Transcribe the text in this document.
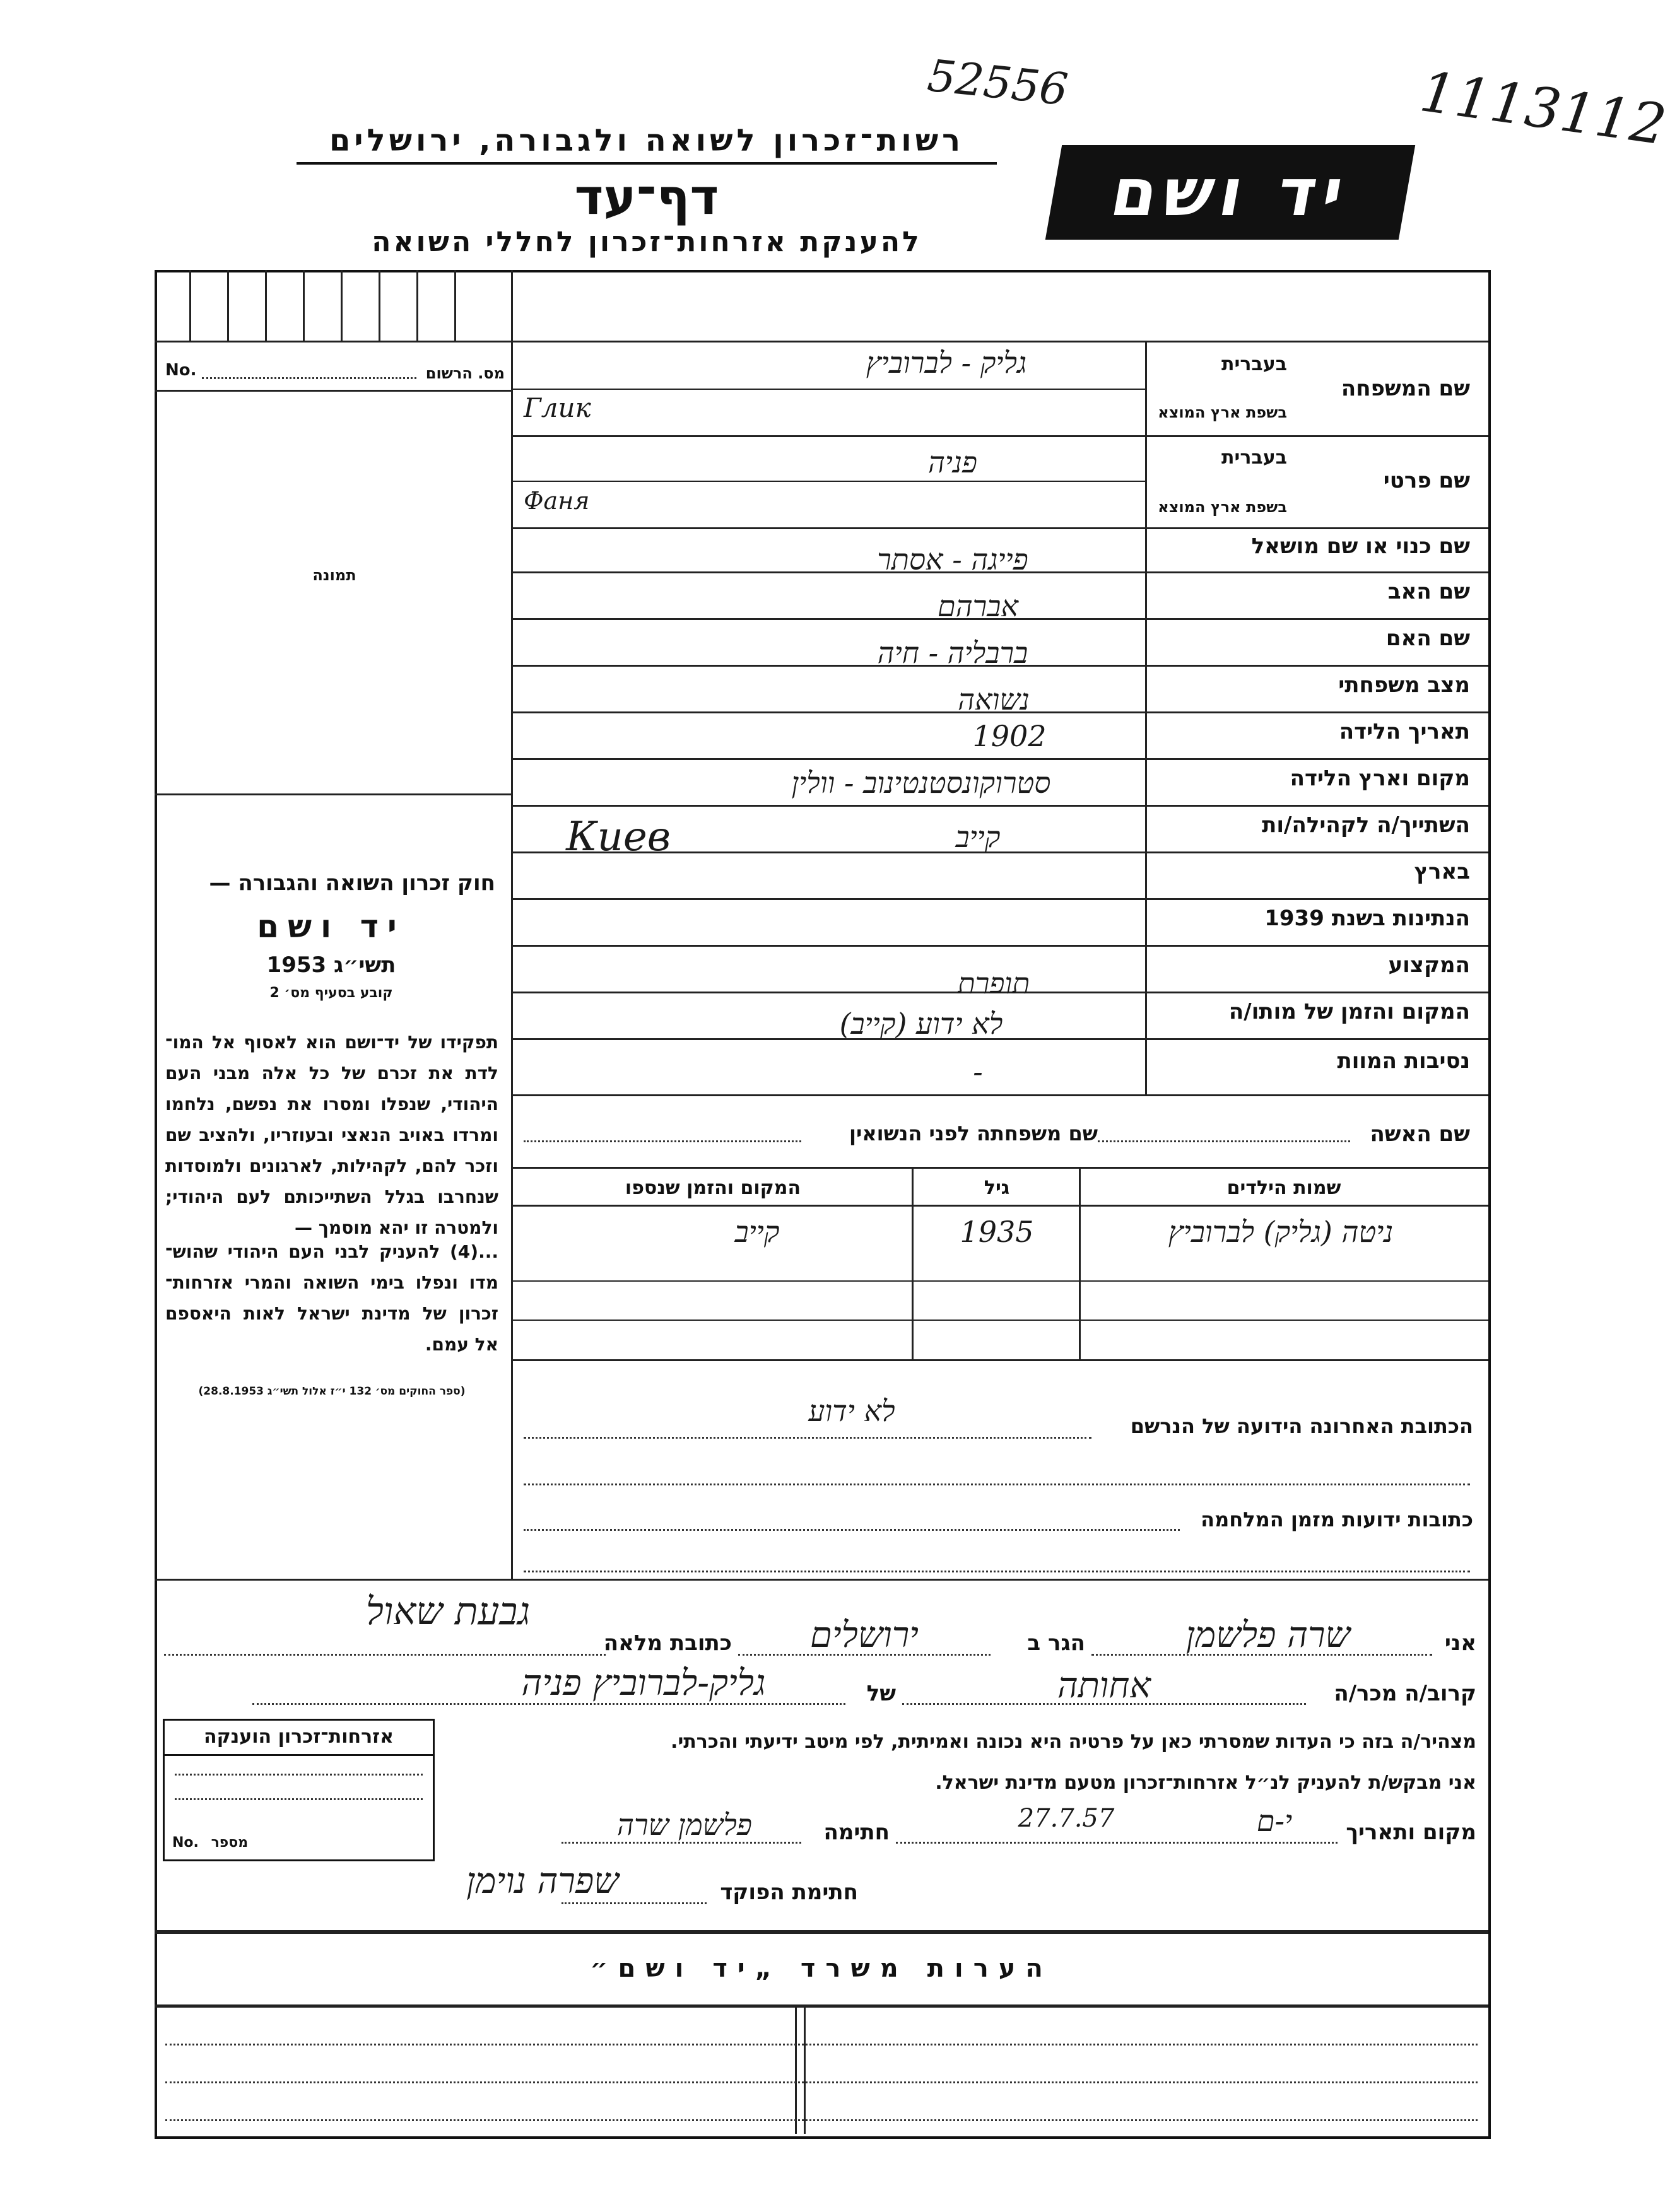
52556	1113112
רשות־זכרון לשואה ולגבורה, ירושלים
דף־עד
להענקת אזרחות־זכרון לחללי השואה
יד ושם
מס. הרשום
No.
תמונה
חוק זכרון השואה והגבורה —
יד ושם
תשי״ג 1953
קובע בסעיף מס׳ 2
תפקידו של יד־ושם הוא לאסוף אל המו־ לדת את זכרם של כל אלה מבני העם היהודי, שנפלו ומסרו את נפשם, נלחמו ומרדו באויב הנאצי ובעוזריו, ולהציב שם וזכר להם, לקהילות, לארגונים ולמוסדות שנחרבו בגלל השתייכותם לעם היהודי; ולמטרה זו יהא מוסמך —
...(4) להעניק לבני העם היהודי שהוש־ מדו ונפלו בימי השואה והמרי אזרחות־ זכרון של מדינת ישראל לאות היאספם אל עמם.
(ספר החוקים מס׳ 132 י״ז אלול תשי״ג 28.8.1953)
שם המשפחה
בעברית
בשפת ארץ המוצא
שם פרטי
בעברית
בשפת ארץ המוצא
שם כנוי או שם מושאל
שם האב
שם האם
מצב משפחתי
תאריך הלידה
מקום וארץ הלידה
השתייך/ה לקהילה/ות
בארץ
הנתינות בשנת 1939
המקצוע
המקום והזמן של מותו/ה
נסיבות המוות
גליק - לברוביץ
Глик
פניה
Фаня
פייגה - אסתר
אברהם
ברבליה - חיה
נשואה
1902
סטרוקונסטנטינוב - וולין
Киев	קייב
תופרת
לא ידוע (קייב)
-
שם האשה
שם משפחתה לפני הנשואין
שמות הילדים
גיל
המקום והזמן שנספו
ניטה (גליק) לברוביץ
1935
קייב
הכתובת האחרונה הידועה של הנרשם
לא ידוע
כתובות ידועות מזמן המלחמה
אני
שרה פלשמן
הגר ב
ירושלים
כתובת מלאה
גבעת שאול
קרוב/ה מכר/ה
אחותה
של
גליק-לברוביץ פניה
מצהיר/ה בזה כי העדות שמסרתי כאן על פרטיה היא נכונה ואמיתית, לפי מיטב ידיעתי והכרתי.
אני מבקש/ת להעניק לנ״ל אזרחות־זכרון מטעם מדינת ישראל.
מקום ותאריך
י-ם
27.7.57
חתימה
פלשמן שרה
חתימת הפוקד
שפרה נוימן
אזרחות־זכרון הוענקה
No. מספר
הערות משרד „יד ושם״
